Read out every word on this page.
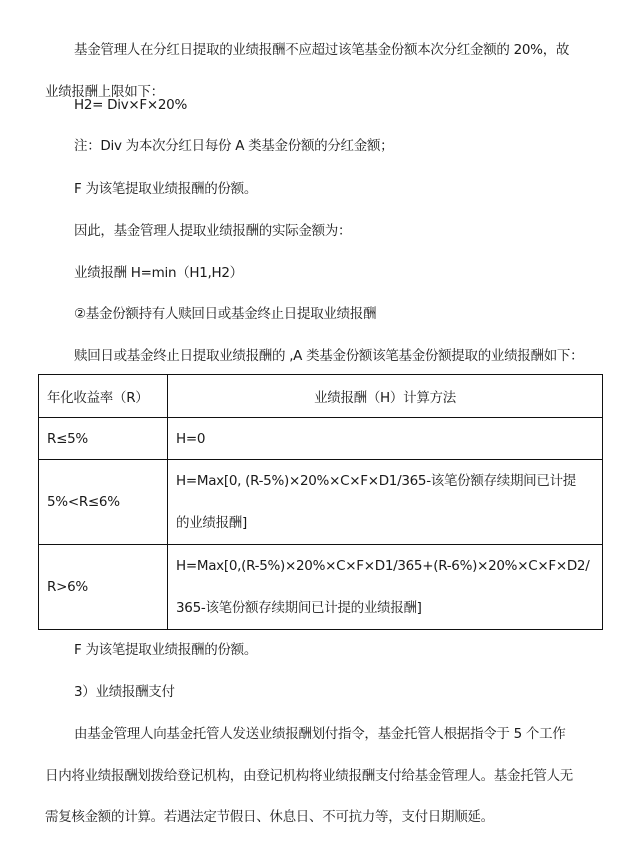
基金管理人在分红日提取的业绩报酬不应超过该笔基金份额本次分红金额的 20%，故
业绩报酬上限如下：
H2= Div×F×20%
注：Div 为本次分红日每份 A 类基金份额的分红金额；
F 为该笔提取业绩报酬的份额。
因此，基金管理人提取业绩报酬的实际金额为：
业绩报酬 H=min（H1,H2）
②基金份额持有人赎回日或基金终止日提取业绩报酬
赎回日或基金终止日提取业绩报酬的 ,A 类基金份额该笔基金份额提取的业绩报酬如下：
年化收益率（R）	业绩报酬（H）计算方法
R≤5%	H=0
5%<R≤6%	H=Max[0, (R-5%)×20%×C×F×D1/365-该笔份额存续期间已计提
的业绩报酬]

R>6%	H=Max[0,(R-5%)×20%×C×F×D1/365+(R-6%)×20%×C×F×D2/
365-该笔份额存续期间已计提的业绩报酬]
F 为该笔提取业绩报酬的份额。
3）业绩报酬支付
由基金管理人向基金托管人发送业绩报酬划付指令，基金托管人根据指令于 5 个工作
日内将业绩报酬划拨给登记机构，由登记机构将业绩报酬支付给基金管理人。基金托管人无
需复核金额的计算。若遇法定节假日、休息日、不可抗力等，支付日期顺延。
